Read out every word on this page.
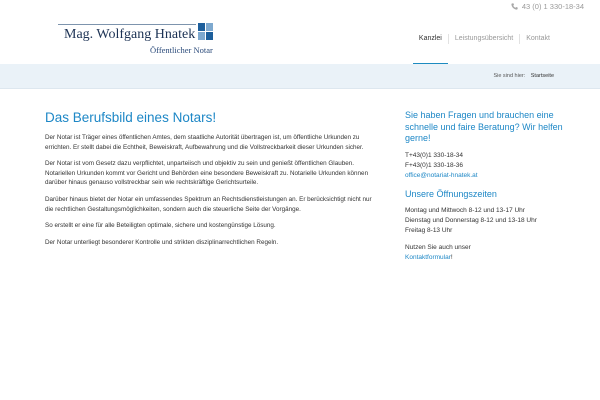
43 (0) 1 330-18-34
Mag. Wolfgang Hnatek
Öffentlicher Notar
Kanzlei	Leistungsübersicht	Kontakt
Sie sind hier: Startseite
Das Berufsbild eines Notars!

Der Notar ist Träger eines öffentlichen Amtes, dem staatliche Autorität übertragen ist, um öffentliche Urkunden zu errichten. Er stellt dabei die Echtheit, Beweiskraft, Aufbewahrung und die Vollstreckbarkeit dieser Urkunden sicher.

Der Notar ist vom Gesetz dazu verpflichtet, unparteiisch und objektiv zu sein und genießt öffentlichen Glauben. Notariellen Urkunden kommt vor Gericht und Behörden eine besondere Beweiskraft zu. Notarielle Urkunden können darüber hinaus genauso vollstreckbar sein wie rechtskräftige Gerichtsurteile.

Darüber hinaus bietet der Notar ein umfassendes Spektrum an Rechtsdienstleistungen an. Er berücksichtigt nicht nur die rechtlichen Gestaltungsmöglichkeiten, sondern auch die steuerliche Seite der Vorgänge.

So erstellt er eine für alle Beteiligten optimale, sichere und kostengünstige Lösung.

Der Notar unterliegt besonderer Kontrolle und strikten disziplinarrechtlichen Regeln.

Sie haben Fragen und brauchen eine schnelle und faire Beratung? Wir helfen gerne!
T+43(0)1 330-18-34
F+43(0)1 330-18-36
office@notariat-hnatek.at
Unsere Öffnungszeiten
Montag und Mittwoch 8-12 und 13-17 Uhr
Dienstag und Donnerstag 8-12 und 13-18 Uhr
Freitag 8-13 Uhr
Nutzen Sie auch unser
Kontaktformular!
